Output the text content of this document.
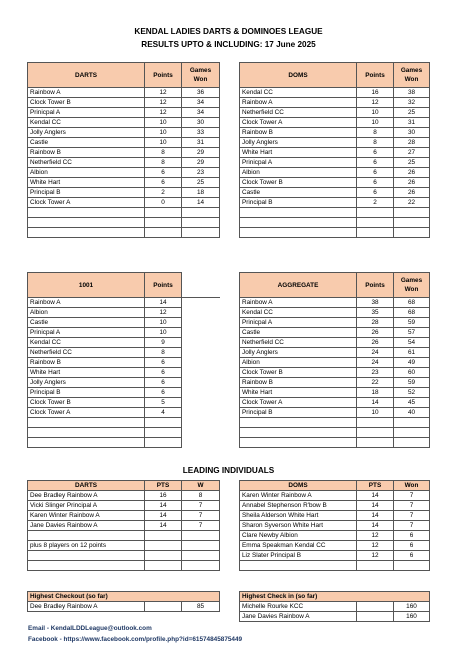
KENDAL LADIES DARTS & DOMINOES LEAGUE
RESULTS UPTO & INCLUDING: 17 June 2025
DARTS	Points	Games Won
Rainbow A	12	36
Clock Tower B	12	34
Prinicpal A	12	34
Kendal CC	10	30
Jolly Anglers	10	33
Castle	10	31
Rainbow B	8	29
Netherfield CC	8	29
Albion	6	23
White Hart	6	25
Principal B	2	18
Clock Tower A	0	14

DOMS	Points	Games Won
Kendal CC	16	38
Rainbow A	12	32
Netherfield CC	10	25
Clock Tower A	10	31
Rainbow B	8	30
Jolly Anglers	8	28
White Hart	6	27
Prinicpal A	6	25
Albion	6	26
Clock Tower B	6	26
Castle	6	26
Principal B	2	22

1001	Points	
Rainbow A	14	
Albion	12	
Castle	10	
Prinicpal A	10	
Kendal CC	9	
Netherfield CC	8	
Rainbow B	6	
White Hart	6	
Jolly Anglers	6	
Principal B	6	
Clock Tower B	5	
Clock Tower A	4	

AGGREGATE	Points	Games Won
Rainbow A	38	68
Kendal CC	35	68
Prinicpal A	28	59
Castle	26	57
Netherfield CC	26	54
Jolly Anglers	24	61
Albion	24	49
Clock Tower B	23	60
Rainbow B	22	59
White Hart	18	52
Clock Tower A	14	45
Principal B	10	40

LEADING INDIVIDUALS
DARTS	PTS	W
Dee Bradley Rainbow A	16	8
Vicki Slinger Principal A	14	7
Karen Winter Rainbow A	14	7
Jane Davies Rainbow A	14	7

plus 8 players on 12 points		

DOMS	PTS	Won
Karen Winter Rainbow A	14	7
Annabel Stephenson R'bow B	14	7
Sheila Alderson White Hart	14	7
Sharon Syverson White Hart	14	7
Clare Newby Albion	12	6
Emma Speakman Kendal CC	12	6
Liz Slater Principal B	12	6

Highest Checkout (so far)
Dee Bradley Rainbow A		85
Highest Check in (so far)		
Michelle Rourke KCC		160
Jane Davies Rainbow A		160
Email - KendalLDDLeague@outlook.com
Facebook - https://www.facebook.com/profile.php?id=61574845875449
